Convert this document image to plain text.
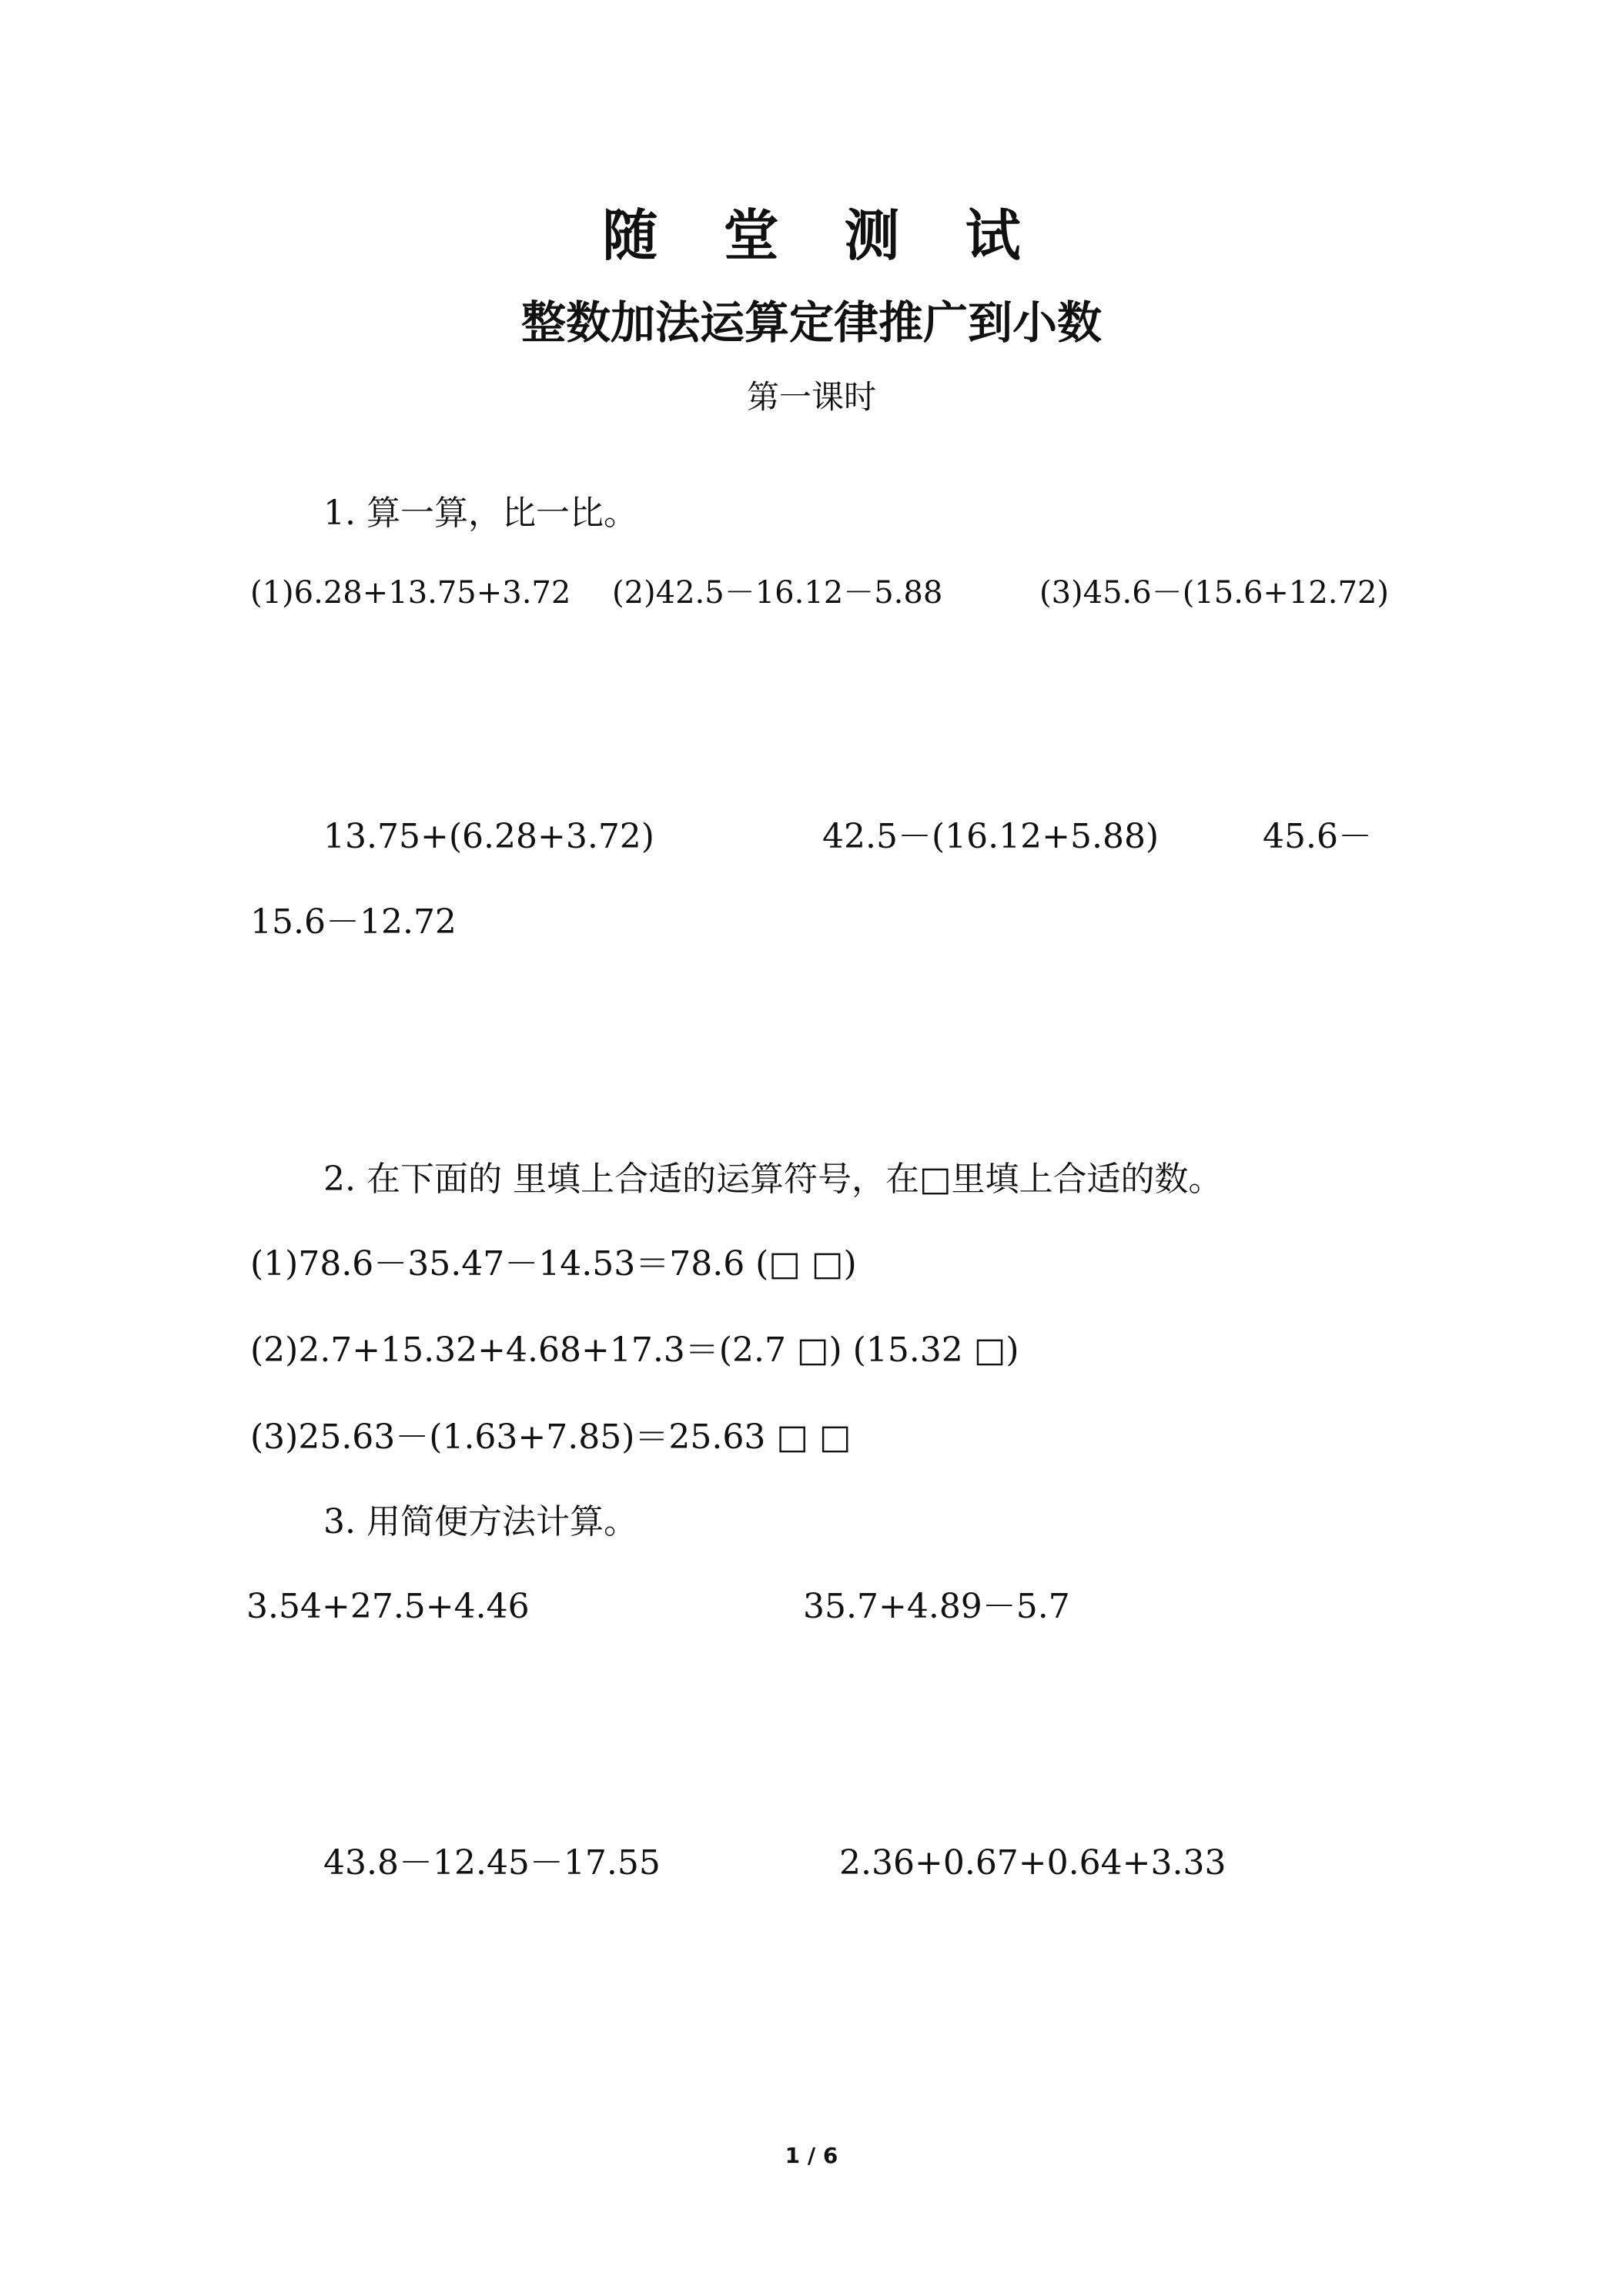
随 堂 测 试
整数加法运算定律推广到小数
第一课时
1. 算一算，比一比。
(1)6.28+13.75+3.72 (2)42.5－16.12－5.88	(3)45.6－(15.6+12.72)
13.75+(6.28+3.72)	42.5－(16.12+5.88)	45.6－
15.6－12.72
2. 在下面的 里填上合适的运算符号，在□里填上合适的数。
(1)78.6－35.47－14.53＝78.6 (□ □)
(2)2.7+15.32+4.68+17.3＝(2.7 □) (15.32 □)
(3)25.63－(1.63+7.85)＝25.63 □ □
3. 用简便方法计算。
3.54+27.5+4.46	35.7+4.89－5.7
43.8－12.45－17.55	2.36+0.67+0.64+3.33
1 / 6
